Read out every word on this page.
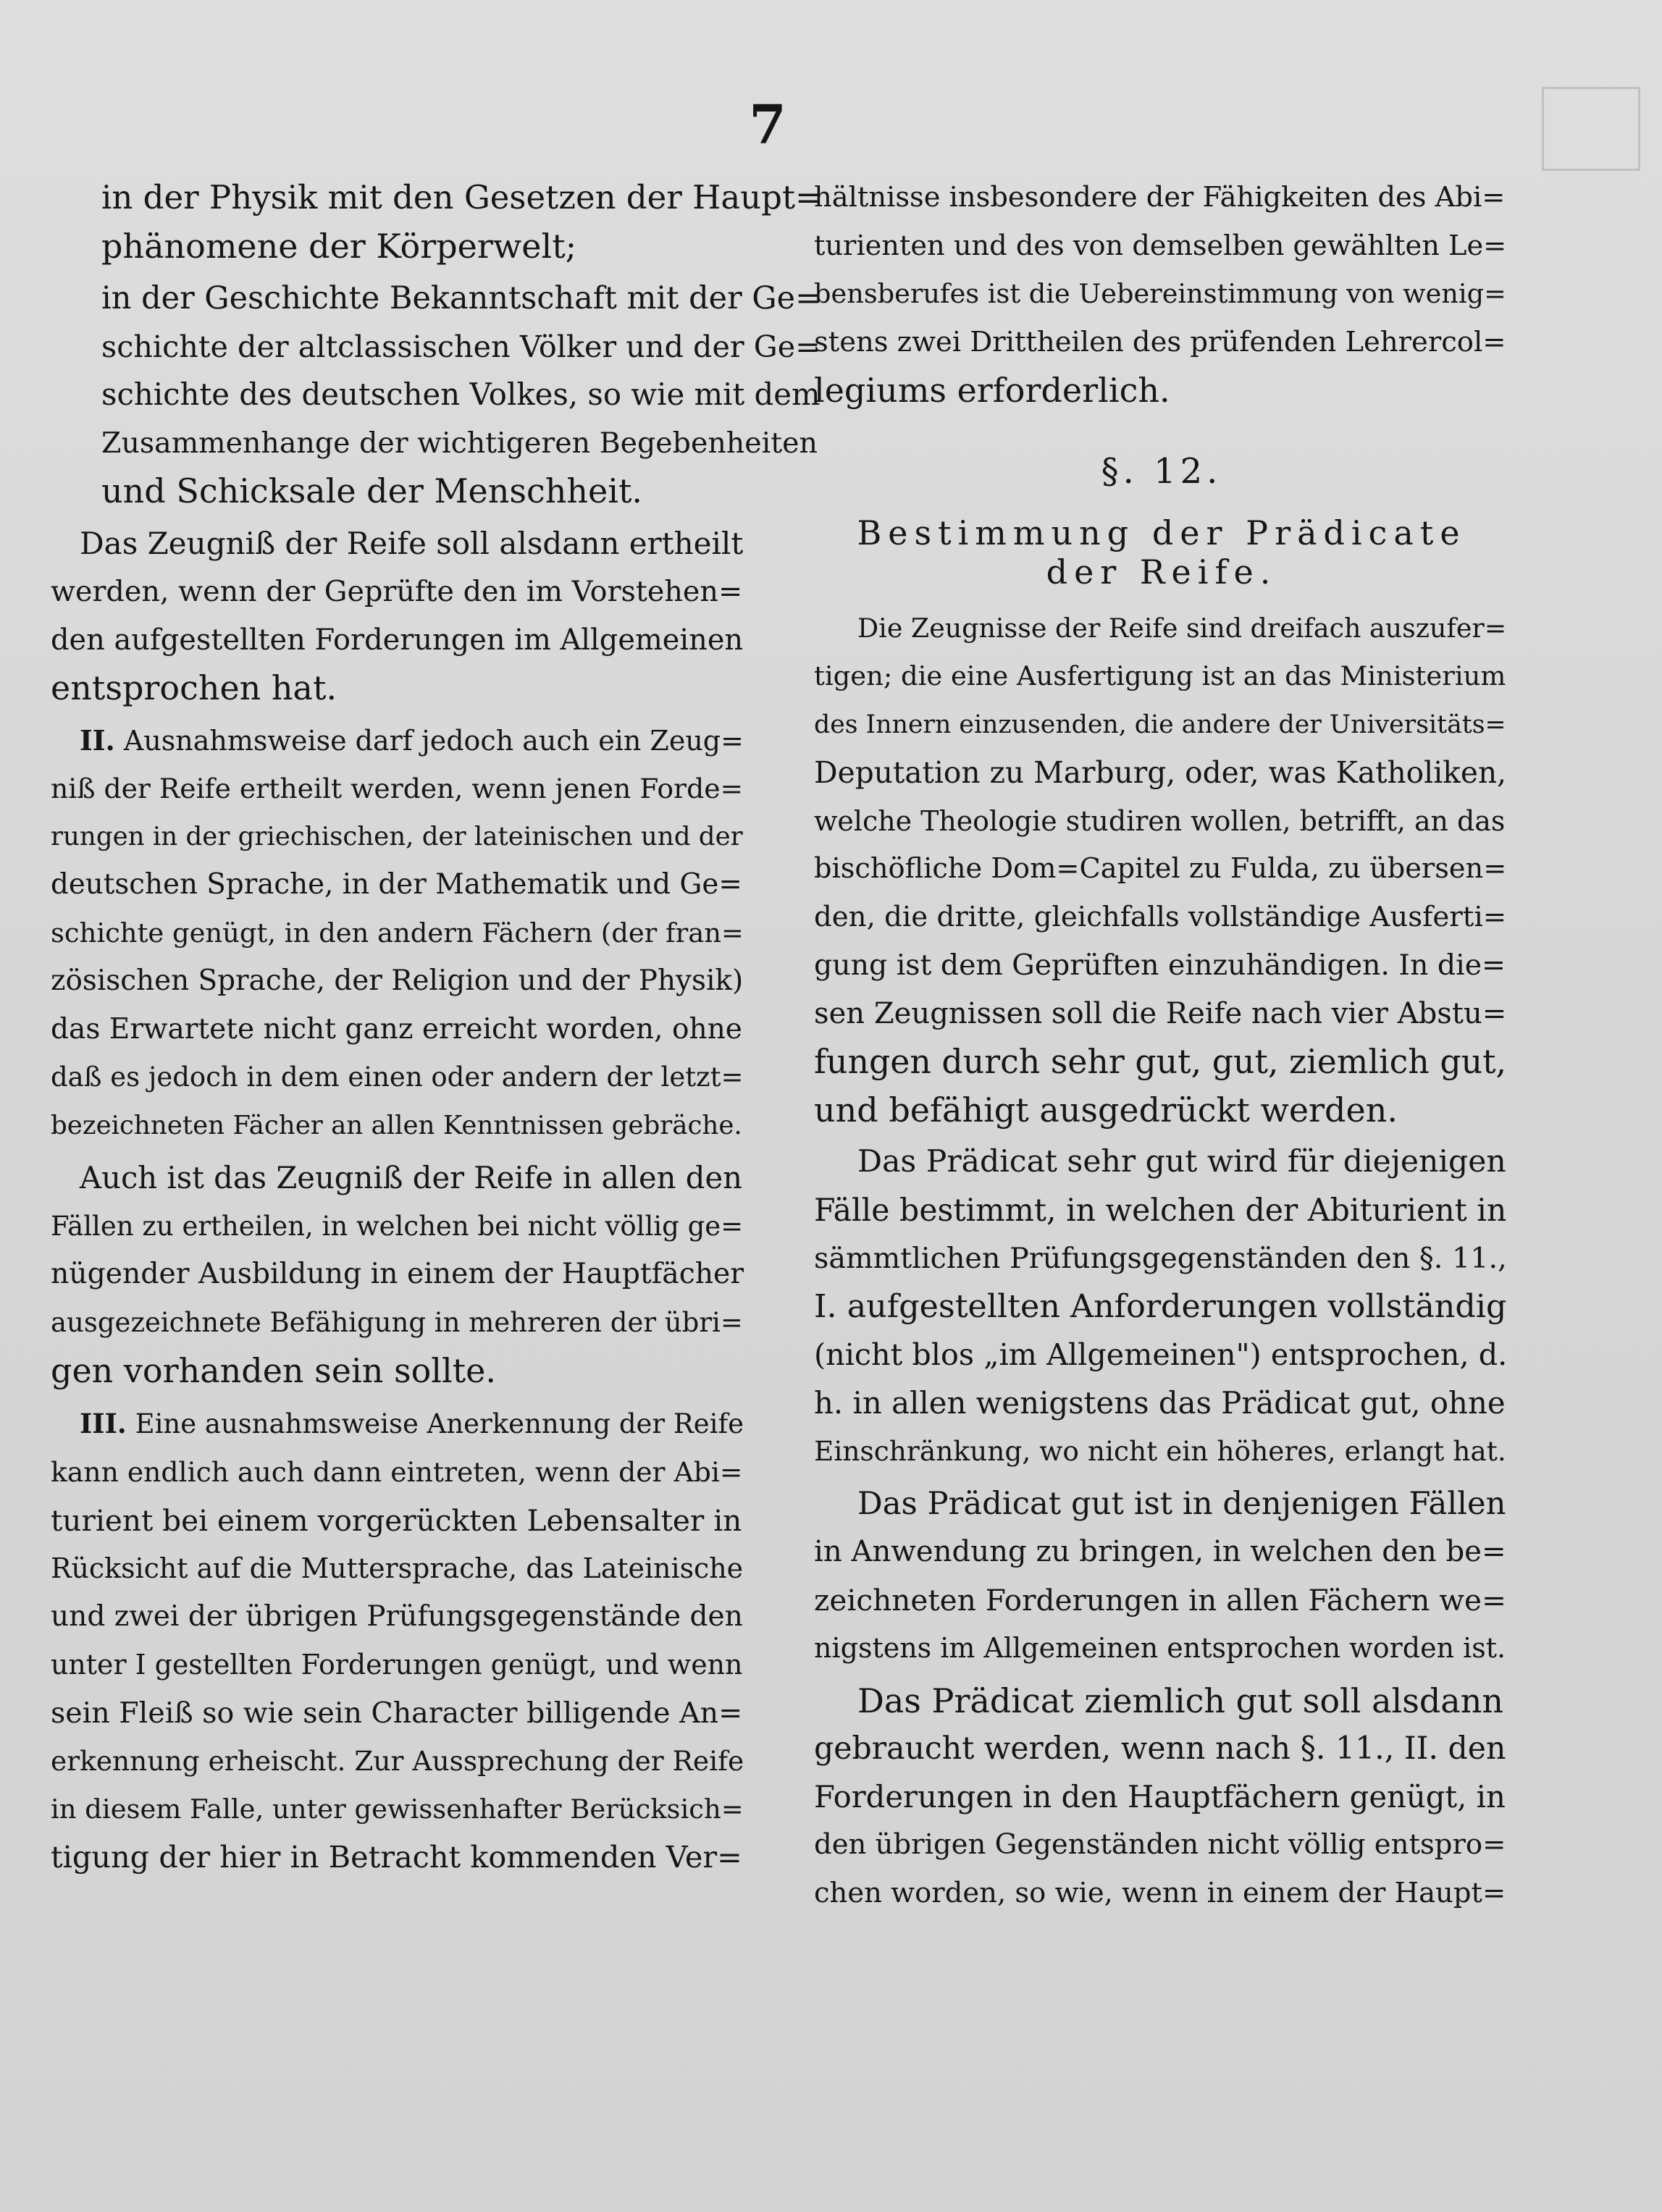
7

in der Physik mit den Gesetzen der Haupt=
phänomene der Körperwelt;

in der Geschichte Bekanntschaft mit der Ge=
schichte der altclassischen Völker und der Ge=
schichte des deutschen Volkes, so wie mit dem
Zusammenhange der wichtigeren Begebenheiten
und Schicksale der Menschheit.

Das Zeugniß der Reife soll alsdann ertheilt
werden, wenn der Geprüfte den im Vorstehen=
den aufgestellten Forderungen im Allgemeinen
entsprochen hat.

II. Ausnahmsweise darf jedoch auch ein Zeug=
niß der Reife ertheilt werden, wenn jenen Forde=
rungen in der griechischen, der lateinischen und der
deutschen Sprache, in der Mathematik und Ge=
schichte genügt, in den andern Fächern (der fran=
zösischen Sprache, der Religion und der Physik)
das Erwartete nicht ganz erreicht worden, ohne
daß es jedoch in dem einen oder andern der letzt=
bezeichneten Fächer an allen Kenntnissen gebräche.

Auch ist das Zeugniß der Reife in allen den
Fällen zu ertheilen, in welchen bei nicht völlig ge=
nügender Ausbildung in einem der Hauptfächer
ausgezeichnete Befähigung in mehreren der übri=
gen vorhanden sein sollte.

III. Eine ausnahmsweise Anerkennung der Reife
kann endlich auch dann eintreten, wenn der Abi=
turient bei einem vorgerückten Lebensalter in
Rücksicht auf die Muttersprache, das Lateinische
und zwei der übrigen Prüfungsgegenstände den
unter I gestellten Forderungen genügt, und wenn
sein Fleiß so wie sein Character billigende An=
erkennung erheischt. Zur Aussprechung der Reife
in diesem Falle, unter gewissenhafter Berücksich=
tigung der hier in Betracht kommenden Ver=

hältnisse insbesondere der Fähigkeiten des Abi=
turienten und des von demselben gewählten Le=
bensberufes ist die Uebereinstimmung von wenig=
stens zwei Drittheilen des prüfenden Lehrercol=
legiums erforderlich.

§. 12.
Bestimmung der Prädicate der Reife.

Die Zeugnisse der Reife sind dreifach auszufer=
tigen; die eine Ausfertigung ist an das Ministerium
des Innern einzusenden, die andere der Universitäts=
Deputation zu Marburg, oder, was Katholiken,
welche Theologie studiren wollen, betrifft, an das
bischöfliche Dom=Capitel zu Fulda, zu übersen=
den, die dritte, gleichfalls vollständige Ausferti=
gung ist dem Geprüften einzuhändigen. In die=
sen Zeugnissen soll die Reife nach vier Abstu=
fungen durch sehr gut, gut, ziemlich gut,
und befähigt ausgedrückt werden.

Das Prädicat sehr gut wird für diejenigen
Fälle bestimmt, in welchen der Abiturient in
sämmtlichen Prüfungsgegenständen den §. 11.,
I. aufgestellten Anforderungen vollständig
(nicht blos „im Allgemeinen") entsprochen, d.
h. in allen wenigstens das Prädicat gut, ohne
Einschränkung, wo nicht ein höheres, erlangt hat.

Das Prädicat gut ist in denjenigen Fällen
in Anwendung zu bringen, in welchen den be=
zeichneten Forderungen in allen Fächern we=
nigstens im Allgemeinen entsprochen worden ist.

Das Prädicat ziemlich gut soll alsdann
gebraucht werden, wenn nach §. 11., II. den
Forderungen in den Hauptfächern genügt, in
den übrigen Gegenständen nicht völlig entspro=
chen worden, so wie, wenn in einem der Haupt=
